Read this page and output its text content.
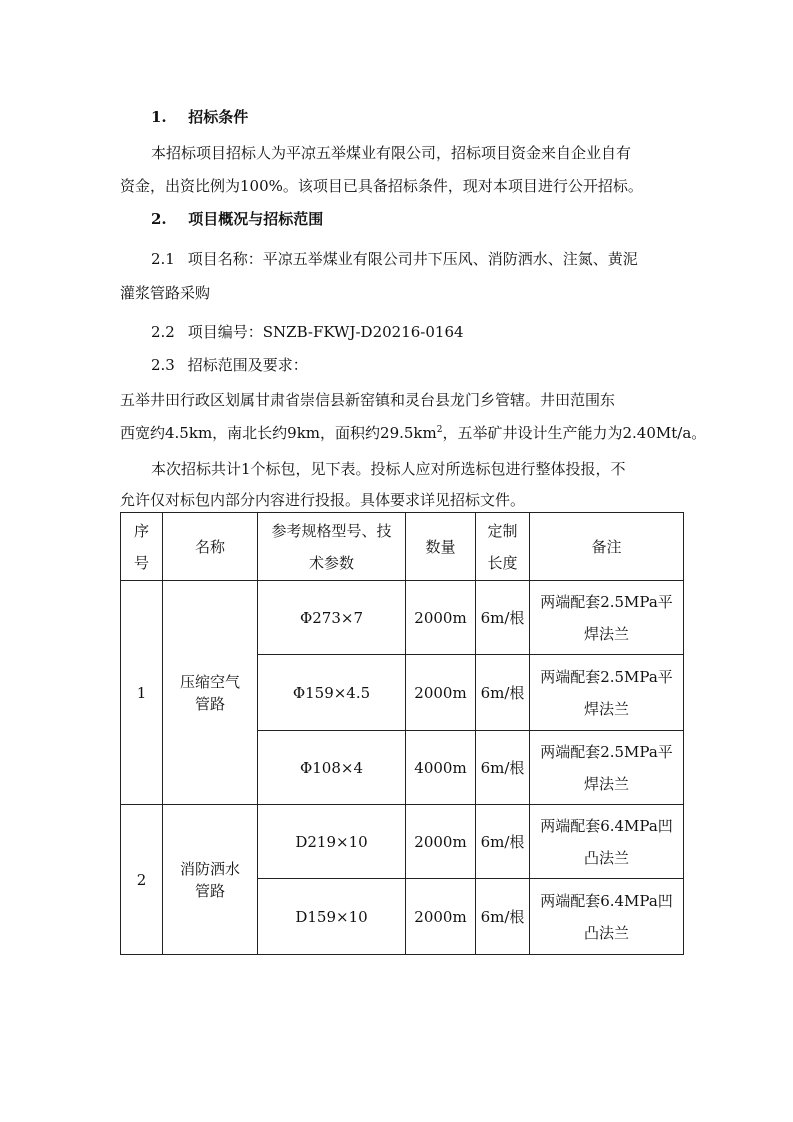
1. 招标条件
本招标项目招标人为平凉五举煤业有限公司，招标项目资金来自企业自有
资金，出资比例为100%。该项目已具备招标条件，现对本项目进行公开招标。
2. 项目概况与招标范围
2.1 项目名称：平凉五举煤业有限公司井下压风、消防洒水、注氮、黄泥
灌浆管路采购
2.2 项目编号：SNZB-FKWJ-D20216-0164
2.3 招标范围及要求：
五举井田行政区划属甘肃省崇信县新窑镇和灵台县龙门乡管辖。井田范围东
西宽约4.5km，南北长约9km，面积约$29.5km^2$，五举矿井设计生产能力为2.40Mt/a。
本次招标共计1个标包，见下表。投标人应对所选标包进行整体投报，不
允许仅对标包内部分内容进行投报。具体要求详见招标文件。
序
号	名称	参考规格型号、技
术参数	数量	定制
长度	备注
1	压缩空气
管路	Φ273×7	2000m	6m/根	两端配套2.5MPa平
焊法兰

		Φ159×4.5	2000m	6m/根	两端配套2.5MPa平
焊法兰

		Φ108×4	4000m	6m/根	两端配套2.5MPa平
焊法兰

2	消防洒水
管路	D219×10	2000m	6m/根	两端配套6.4MPa凹
凸法兰

		D159×10	2000m	6m/根	两端配套6.4MPa凹
凸法兰
